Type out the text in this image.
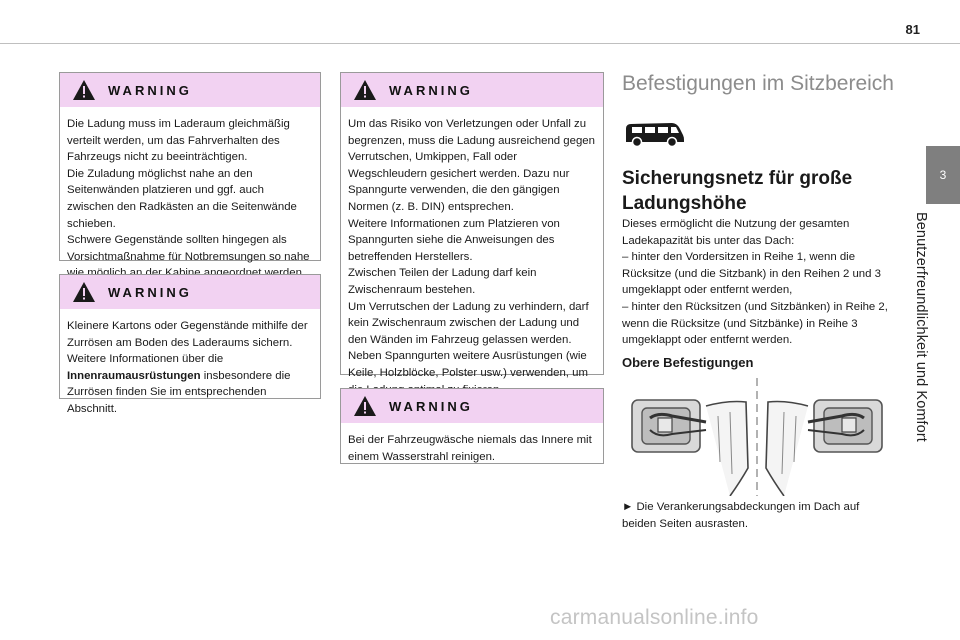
81
3
Benutzerfreundlichkeit und Komfort
WARNING

Die Ladung muss im Laderaum gleichmäßig verteilt werden, um das Fahrverhalten des Fahrzeugs nicht zu beeinträchtigen.

Die Zuladung möglichst nahe an den Seitenwänden platzieren und ggf. auch zwischen den Radkästen an die Seitenwände schieben.

Schwere Gegenstände sollten hingegen als Vorsichtmaßnahme für Notbremsungen so nahe

WARNING

Kleinere Kartons oder Gegenstände mithilfe der Zurrösen am Boden des Laderaums sichern.

Weitere Informationen über die Innenraumausrüstungen insbesondere die Zurrösen finden Sie im entsprechenden Abschnitt.

WARNING

Um das Risiko von Verletzungen oder Unfall zu begrenzen, muss die Ladung ausreichend gegen Verrutschen, Umkippen, Fall oder Wegschleudern gesichert werden. Dazu nur Spanngurte verwenden, die den gängigen Normen (z. B. DIN) entsprechen.

Weitere Informationen zum Platzieren von Spanngurten siehe die Anweisungen des betreffenden Herstellers.

Zwischen Teilen der Ladung darf kein Zwischenraum bestehen.

Um Verrutschen der Ladung zu verhindern, darf kein Zwischenraum zwischen der Ladung und den Wänden im Fahrzeug gelassen werden.

Neben Spanngurten weitere Ausrüstungen (wie Keile, Holzblöcke, Polster usw.) verwenden, um

WARNING

Bei der Fahrzeugwäsche niemals das Innere mit einem Wasserstrahl reinigen.

Befestigungen im Sitzbereich
Sicherungsnetz für große Ladungshöhe

Dieses ermöglicht die Nutzung der gesamten Ladekapazität bis unter das Dach:

– hinter den Vordersitzen in Reihe 1, wenn die Rücksitze (und die Sitzbank) in den Reihen 2 und 3 umgeklappt oder entfernt werden,

– hinter den Rücksitzen (und Sitzbänken) in Reihe 2, wenn die Rücksitze (und Sitzbänke) in Reihe 3 umgeklappt oder entfernt werden.

Obere Befestigungen
► Die Verankerungsabdeckungen im Dach auf beiden Seiten ausrasten.
carmanualsonline.info
